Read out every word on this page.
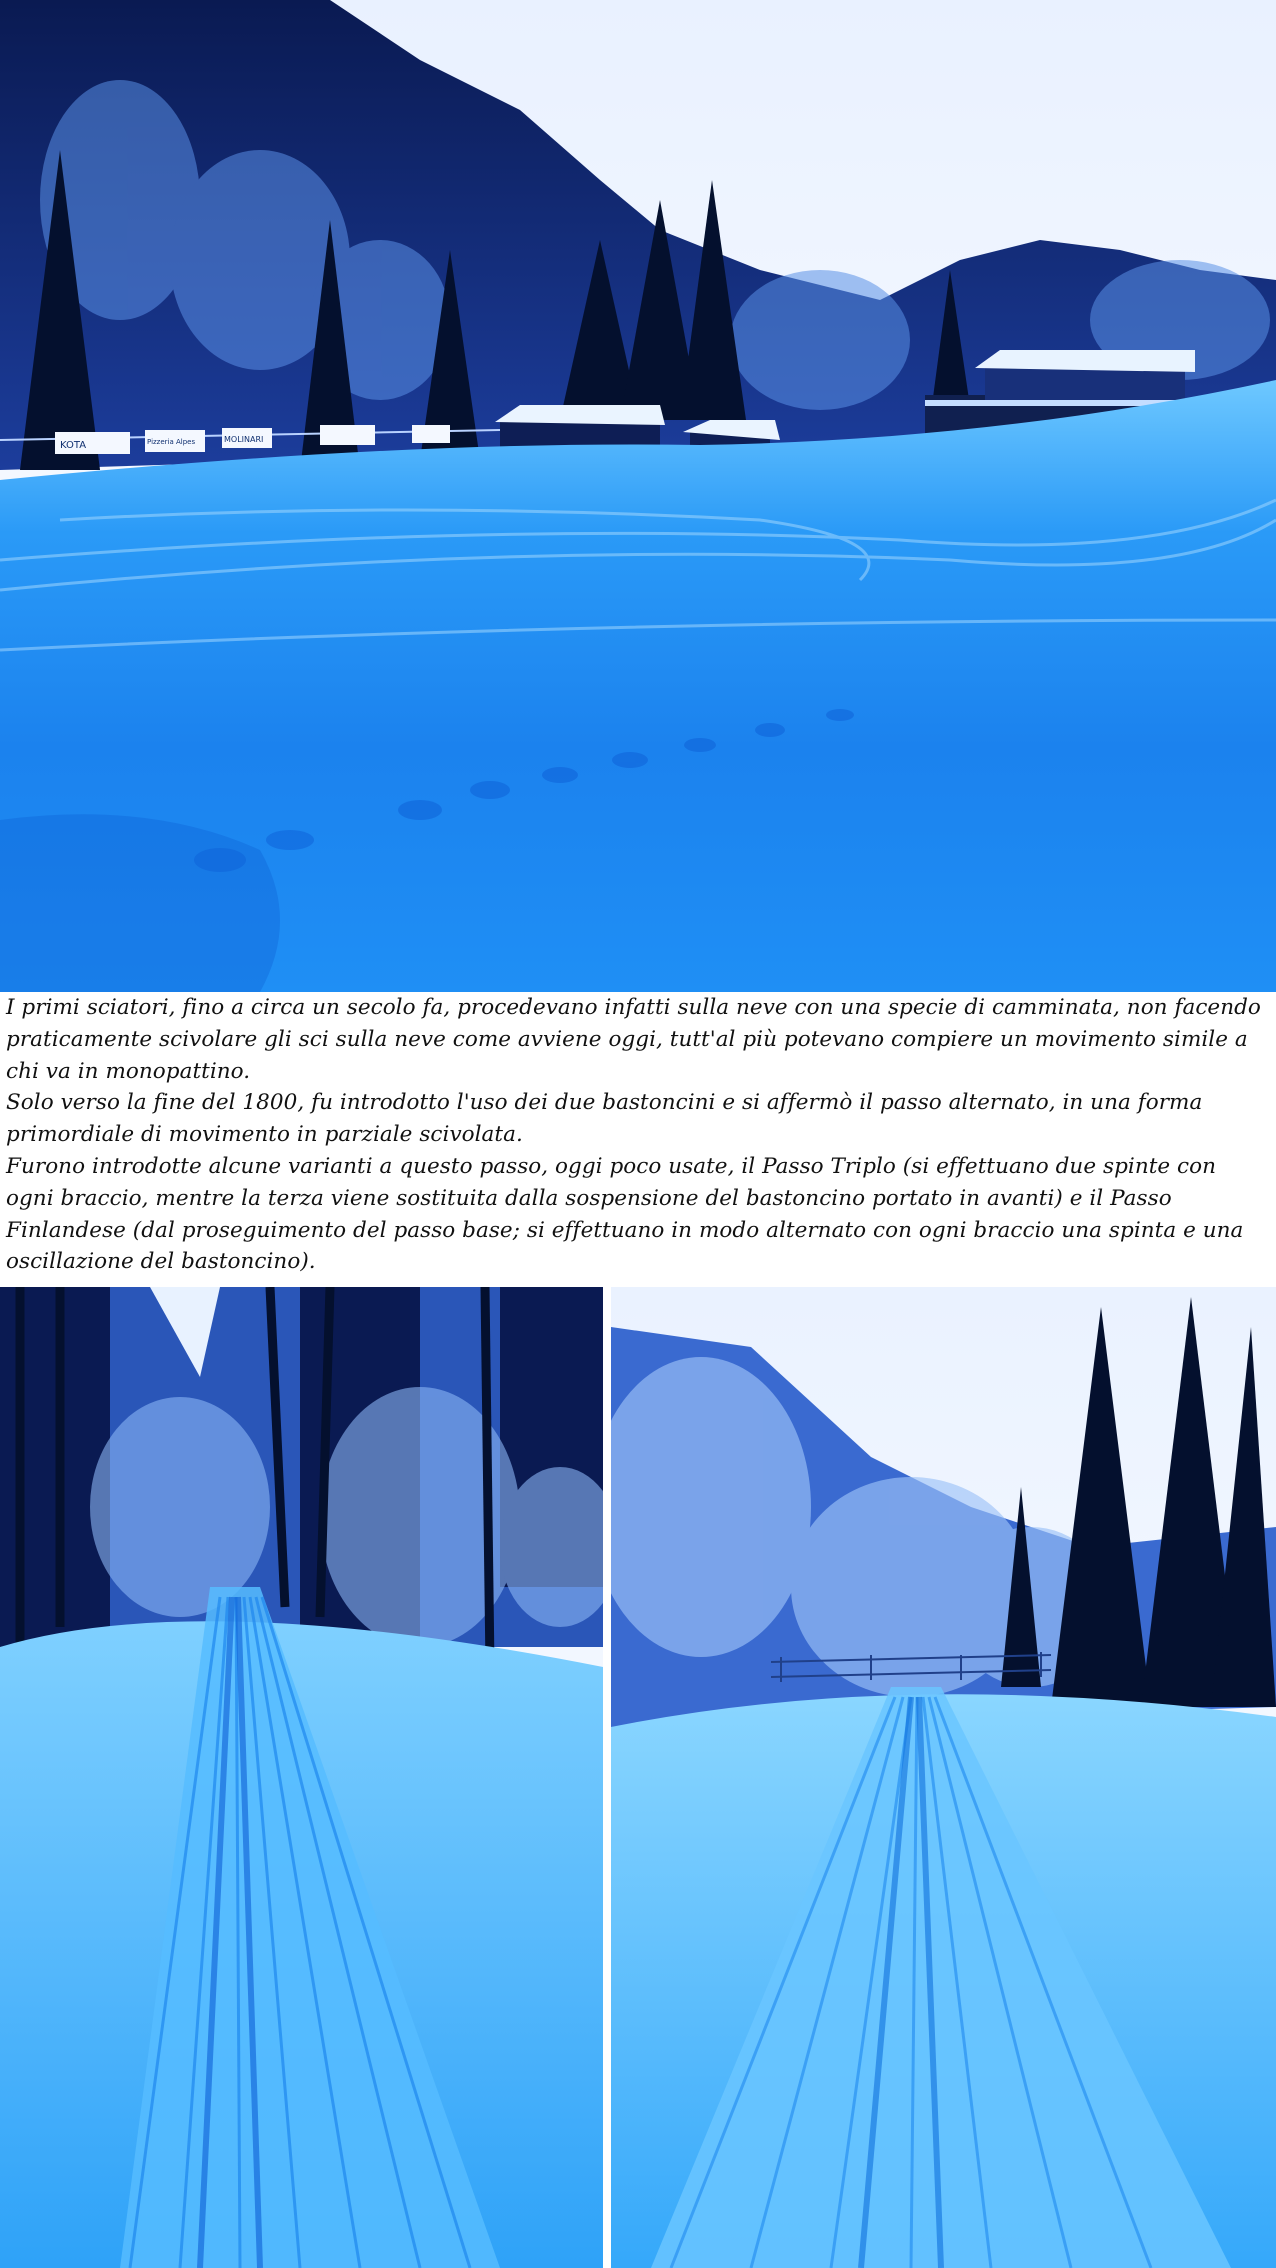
KOTA	Pizzeria Alpes	MOLINARI

I primi sciatori, fino a circa un secolo fa, procedevano infatti sulla neve con una specie di camminata, non facendo praticamente scivolare gli sci sulla neve come avviene oggi, tutt'al più potevano compiere un movimento simile a chi va in monopattino.

Solo verso la fine del 1800, fu introdotto l'uso dei due bastoncini e si affermò il passo alternato, in una forma primordiale di movimento in parziale scivolata.

Furono introdotte alcune varianti a questo passo, oggi poco usate, il Passo Triplo (si effettuano due spinte con ogni braccio, mentre la terza viene sostituita dalla sospensione del bastoncino portato in avanti) e il Passo Finlandese (dal proseguimento del passo base; si effettuano in modo alternato con ogni braccio una spinta e una oscillazione del bastoncino).
